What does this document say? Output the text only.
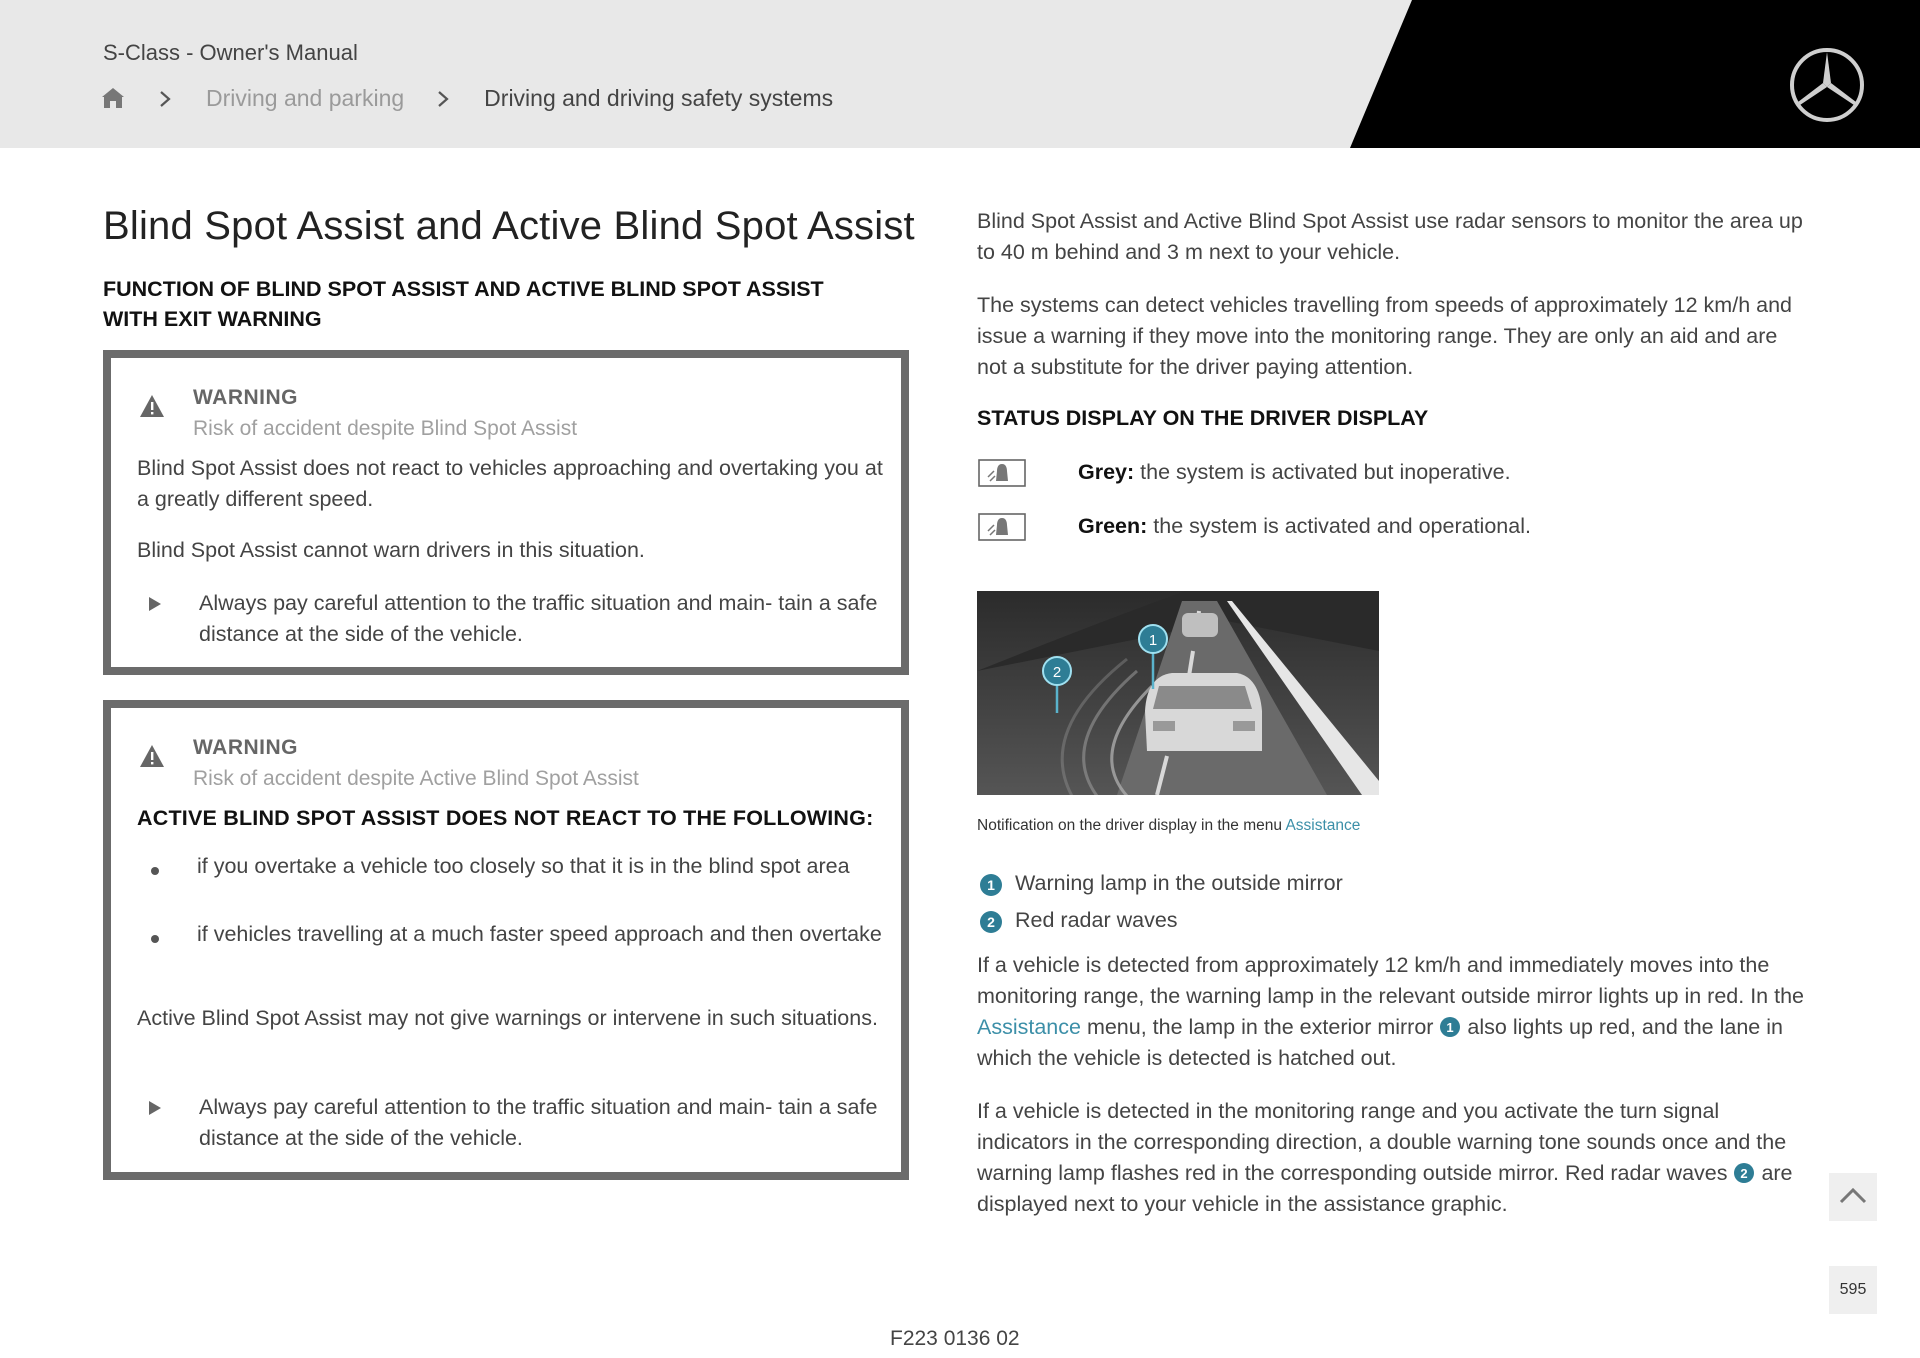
S-Class - Owner's Manual
Driving and parking	Driving and driving safety systems
Blind Spot Assist and Active Blind Spot Assist
FUNCTION OF BLIND SPOT ASSIST AND ACTIVE BLIND SPOT ASSIST WITH EXIT WARNING
WARNING
Risk of accident despite Blind Spot Assist
Blind Spot Assist does not react to vehicles approaching and overtaking you at a greatly different speed.
Blind Spot Assist cannot warn drivers in this situation.
Always pay careful attention to the traffic situation and main- tain a safe distance at the side of the vehicle.
WARNING
Risk of accident despite Active Blind Spot Assist
ACTIVE BLIND SPOT ASSIST DOES NOT REACT TO THE FOLLOWING:
if you overtake a vehicle too closely so that it is in the blind spot area
if vehicles travelling at a much faster speed approach and then overtake
Active Blind Spot Assist may not give warnings or intervene in such situations.
Always pay careful attention to the traffic situation and main- tain a safe distance at the side of the vehicle.
Blind Spot Assist and Active Blind Spot Assist use radar sensors to monitor the area up to 40 m behind and 3 m next to your vehicle.
The systems can detect vehicles travelling from speeds of approximately 12 km/h and issue a warning if they move into the monitoring range. They are only an aid and are not a substitute for the driver paying attention.
STATUS DISPLAY ON THE DRIVER DISPLAY
Grey: the system is activated but inoperative.
Green: the system is activated and operational.
1
2
Notification on the driver display in the menu Assistance
1 Warning lamp in the outside mirror
2 Red radar waves
If a vehicle is detected from approximately 12 km/h and immediately moves into the monitoring range, the warning lamp in the relevant outside mirror lights up in red. In the Assistance menu, the lamp in the exterior mirror 1 also lights up red, and the lane in which the vehicle is detected is hatched out.
If a vehicle is detected in the monitoring range and you activate the turn signal indicators in the corresponding direction, a double warning tone sounds once and the warning lamp flashes red in the corresponding outside mirror. Red radar waves 2 are displayed next to your vehicle in the assistance graphic.
595
F223 0136 02
